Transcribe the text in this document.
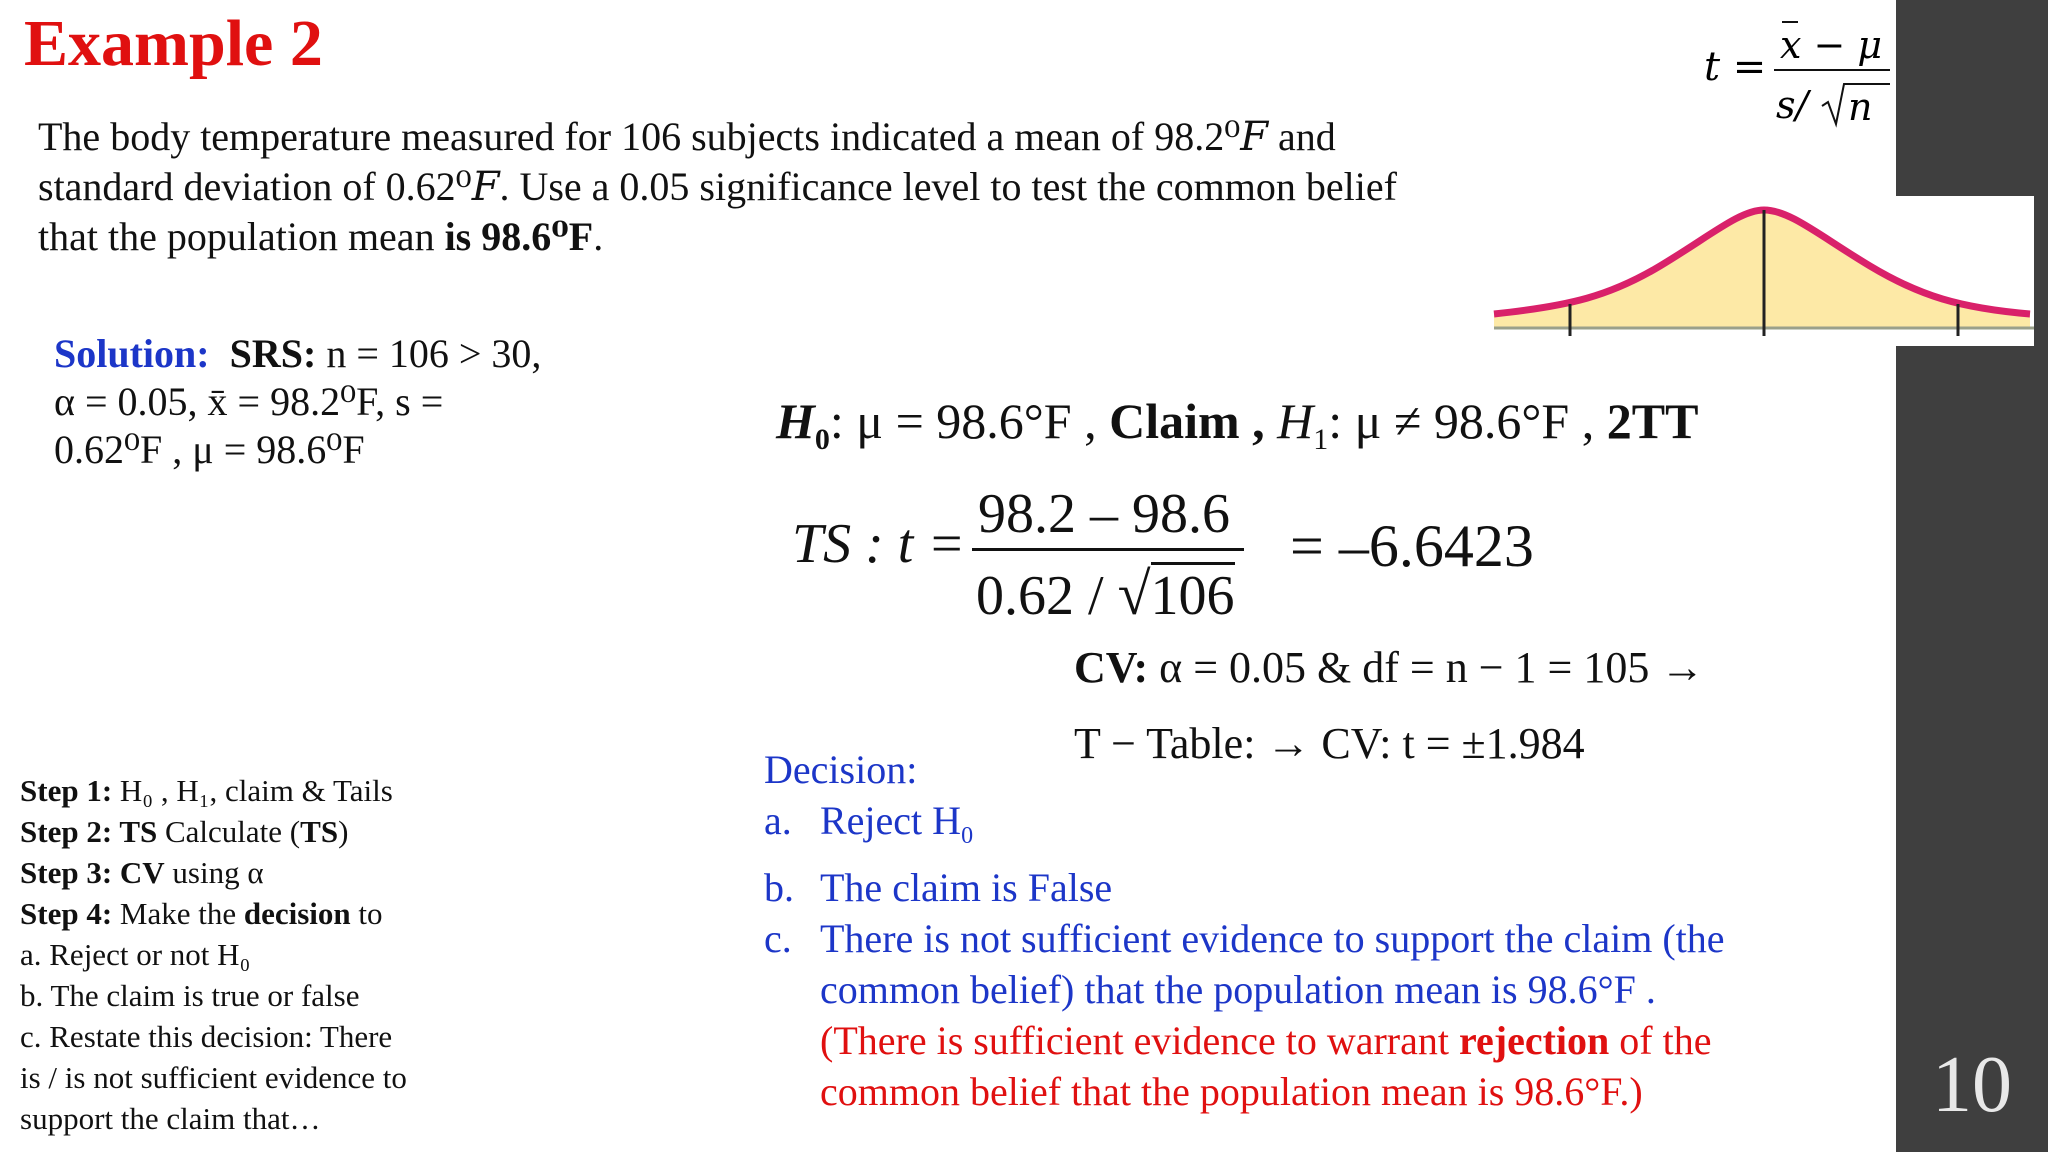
10
Example 2	t = x − μ
s/ n
The body temperature measured for 106 subjects indicated a mean of 98.2⁰𝐹 and
standard deviation of 0.62⁰𝐹. Use a 0.05 significance level to test the common belief
that the population mean is 98.6⁰F.
Solution: SRS: n = 106 > 30,
α = 0.05, x̄ = 98.2⁰F, s =
0.62⁰F , μ = 98.6⁰F
$H_0$: μ = 98.6°F , Claim , $H_1$: μ ≠ 98.6°F , 2TT
TS : t = 98.2 – 98.6
0.62 / √106
= –6.6423
CV: α = 0.05 & df = n − 1 = 105 →
T − Table: → CV: t = ±1.984
Decision:
a. Reject $H_0$
b. The claim is False
c. There is not sufficient evidence to support the claim (the
common belief) that the population mean is 98.6°F .
(There is sufficient evidence to warrant rejection of the
common belief that the population mean is 98.6°F.)
Step 1: H₀ , H₁, claim & Tails
Step 2: TS Calculate (TS)
Step 3: CV using α
Step 4: Make the decision to
a. Reject or not H₀
b. The claim is true or false
c. Restate this decision: There
is / is not sufficient evidence to
support the claim that…
